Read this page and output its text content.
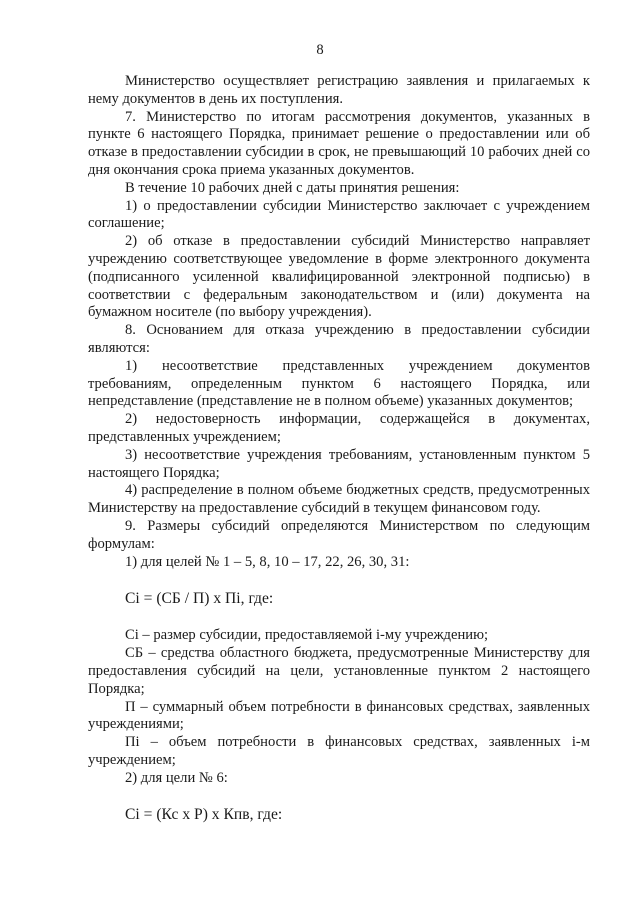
8

Министерство осуществляет регистрацию заявления и прилагаемых к нему документов в день их поступления.

7. Министерство по итогам рассмотрения документов, указанных в пункте 6 настоящего Порядка, принимает решение о предоставлении или об отказе в предоставлении субсидии в срок, не превышающий 10 рабочих дней со дня окончания срока приема указанных документов.

В течение 10 рабочих дней с даты принятия решения:

1) о предоставлении субсидии Министерство заключает с учреждением соглашение;

2) об отказе в предоставлении субсидий Министерство направляет учреждению соответствующее уведомление в форме электронного документа (подписанного усиленной квалифицированной электронной подписью) в соответствии с федеральным законодательством и (или) документа на бумажном носителе (по выбору учреждения).

8. Основанием для отказа учреждению в предоставлении субсидии являются:

1) несоответствие представленных учреждением документов требованиям, определенным пунктом 6 настоящего Порядка, или непредставление (представление не в полном объеме) указанных документов;

2) недостоверность информации, содержащейся в документах, представленных учреждением;

3) несоответствие учреждения требованиям, установленным пунктом 5 настоящего Порядка;

4) распределение в полном объеме бюджетных средств, предусмотренных Министерству на предоставление субсидий в текущем финансовом году.

9. Размеры субсидий определяются Министерством по следующим формулам:

1) для целей № 1 – 5, 8, 10 – 17, 22, 26, 30, 31:

Ci = (СБ / П) x Пi, где:

Ci – размер субсидии, предоставляемой i-му учреждению;

СБ – средства областного бюджета, предусмотренные Министерству для предоставления субсидий на цели, установленные пунктом 2 настоящего Порядка;

П – суммарный объем потребности в финансовых средствах, заявленных учреждениями;

Пi – объем потребности в финансовых средствах, заявленных i-м учреждением;

2) для цели № 6:

Ci = (Кс x Р) x Кпв, где:
